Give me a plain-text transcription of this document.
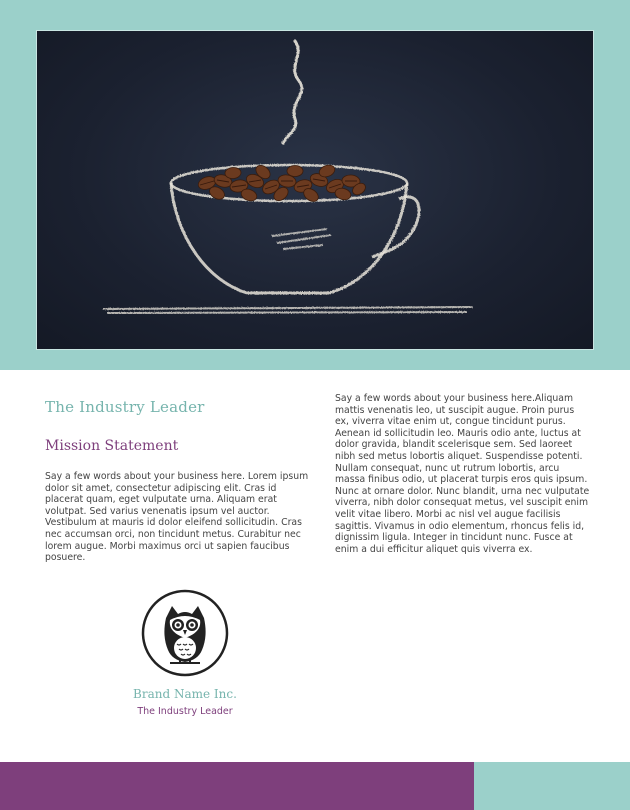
The Industry Leader
Mission Statement

Say a few words about your business here. Lorem ipsum dolor sit amet, consectetur adipiscing elit. Cras id placerat quam, eget vulputate urna. Aliquam erat volutpat. Sed varius venenatis ipsum vel auctor. Vestibulum at mauris id dolor eleifend sollicitudin. Cras nec accumsan orci, non tincidunt metus. Curabitur nec lorem augue. Morbi maximus orci ut sapien faucibus posuere.

Say a few words about your business here.Aliquam mattis venenatis leo, ut suscipit augue. Proin purus ex, viverra vitae enim ut, congue tincidunt purus. Aenean id sollicitudin leo. Mauris odio ante, luctus at dolor gravida, blandit scelerisque sem. Sed laoreet nibh sed metus lobortis aliquet. Suspendisse potenti. Nullam consequat, nunc ut rutrum lobortis, arcu massa finibus odio, ut placerat turpis eros quis ipsum. Nunc at ornare dolor. Nunc blandit, urna nec vulputate viverra, nibh dolor consequat metus, vel suscipit enim velit vitae libero. Morbi ac nisl vel augue facilisis sagittis. Vivamus in odio elementum, rhoncus felis id, dignissim ligula. Integer in tincidunt nunc. Fusce at enim a dui efficitur aliquet quis viverra ex.

Brand Name Inc.
The Industry Leader
